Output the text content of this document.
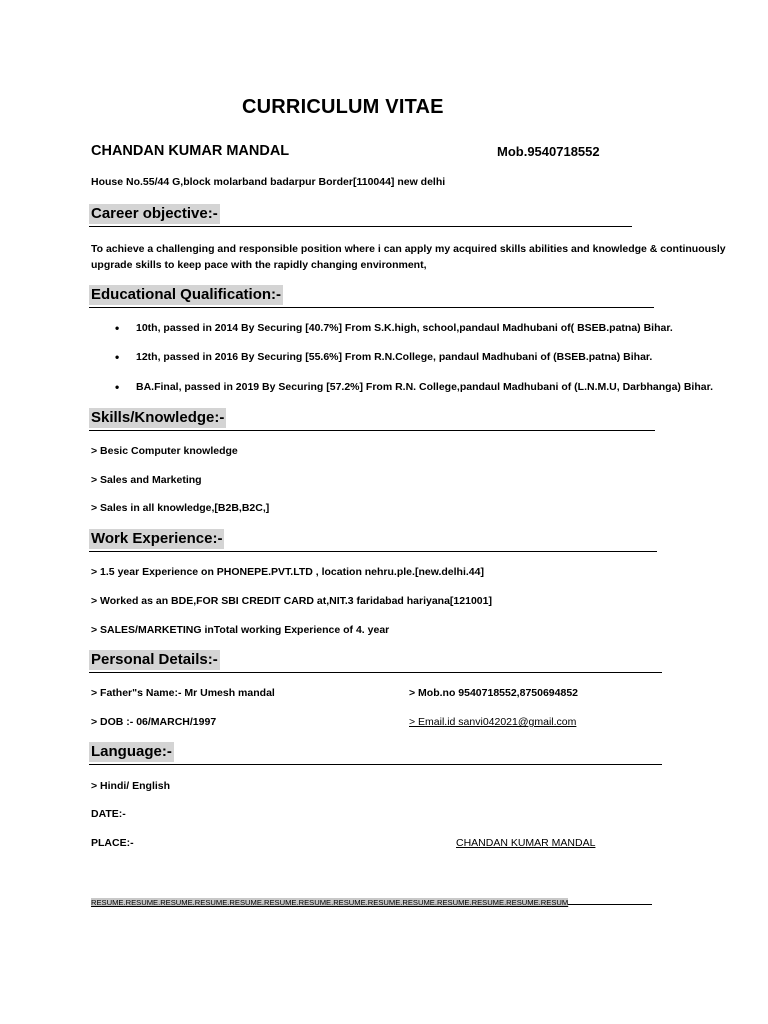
CURRICULUM VITAE
CHANDAN KUMAR MANDAL	Mob.9540718552
House No.55/44 G,block molarband badarpur Border[110044] new delhi
Career objective:-
To achieve a challenging and responsible position where i can apply my acquired skills abilities and knowledge & continuously upgrade skills to keep pace with the rapidly changing environment,
Educational Qualification:-
• 10th, passed in 2014 By Securing [40.7%] From S.K.high, school,pandaul Madhubani of( BSEB.patna) Bihar.
• 12th, passed in 2016 By Securing [55.6%] From R.N.College, pandaul Madhubani of (BSEB.patna) Bihar.
• BA.Final, passed in 2019 By Securing [57.2%] From R.N. College,pandaul Madhubani of (L.N.M.U, Darbhanga) Bihar.
Skills/Knowledge:-
> Besic Computer knowledge
> Sales and Marketing
> Sales in all knowledge,[B2B,B2C,]
Work Experience:-
> 1.5 year Experience on PHONEPE.PVT.LTD , location nehru.ple.[new.delhi.44]
> Worked as an BDE,FOR SBI CREDIT CARD at,NIT.3 faridabad hariyana[121001]
> SALES/MARKETING inTotal working Experience of 4. year
Personal Details:-
> Father"s Name:- Mr Umesh mandal	> Mob.no 9540718552,8750694852
> DOB :- 06/MARCH/1997	> Email.id sanvi042021@gmail.com
Language:-
> Hindi/ English
DATE:-
PLACE:-	CHANDAN KUMAR MANDAL
RESUME.RESUME.RESUME.RESUME.RESUME.RESUME.RESUME.RESUME.RESUME.RESUME.RESUME.RESUME.RESUME.RESUM
